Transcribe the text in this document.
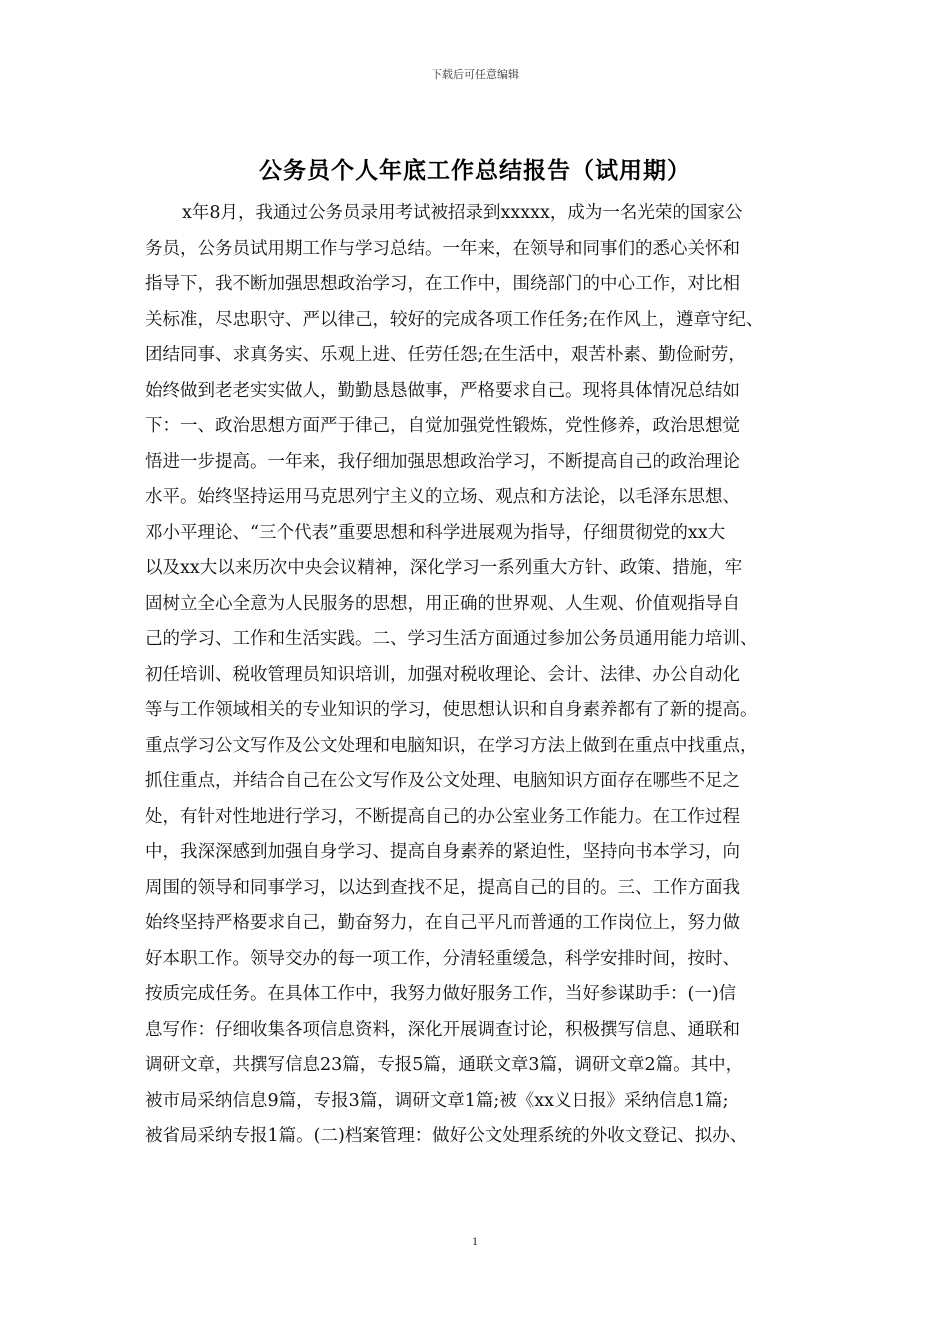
下载后可任意编辑
公务员个人年底工作总结报告（试用期）
x年8月，我通过公务员录用考试被招录到xxxxx，成为一名光荣的国家公
务员，公务员试用期工作与学习总结。一年来，在领导和同事们的悉心关怀和
指导下，我不断加强思想政治学习，在工作中，围绕部门的中心工作，对比相
关标准，尽忠职守、严以律己，较好的完成各项工作任务;在作风上，遵章守纪、
团结同事、求真务实、乐观上进、任劳任怨;在生活中，艰苦朴素、勤俭耐劳，
始终做到老老实实做人，勤勤恳恳做事，严格要求自己。现将具体情况总结如
下：一、政治思想方面严于律己，自觉加强党性锻炼，党性修养，政治思想觉
悟进一步提高。一年来，我仔细加强思想政治学习，不断提高自己的政治理论
水平。始终坚持运用马克思列宁主义的立场、观点和方法论，以毛泽东思想、
邓小平理论、“三个代表”重要思想和科学进展观为指导，仔细贯彻党的xx大
以及xx大以来历次中央会议精神，深化学习一系列重大方针、政策、措施，牢
固树立全心全意为人民服务的思想，用正确的世界观、人生观、价值观指导自
己的学习、工作和生活实践。二、学习生活方面通过参加公务员通用能力培训、
初任培训、税收管理员知识培训，加强对税收理论、会计、法律、办公自动化
等与工作领域相关的专业知识的学习，使思想认识和自身素养都有了新的提高。
重点学习公文写作及公文处理和电脑知识，在学习方法上做到在重点中找重点，
抓住重点，并结合自己在公文写作及公文处理、电脑知识方面存在哪些不足之
处，有针对性地进行学习，不断提高自己的办公室业务工作能力。在工作过程
中，我深深感到加强自身学习、提高自身素养的紧迫性，坚持向书本学习，向
周围的领导和同事学习，以达到查找不足，提高自己的目的。三、工作方面我
始终坚持严格要求自己，勤奋努力，在自己平凡而普通的工作岗位上，努力做
好本职工作。领导交办的每一项工作，分清轻重缓急，科学安排时间，按时、
按质完成任务。在具体工作中，我努力做好服务工作，当好参谋助手：(一)信
息写作：仔细收集各项信息资料，深化开展调查讨论，积极撰写信息、通联和
调研文章，共撰写信息23篇，专报5篇，通联文章3篇，调研文章2篇。其中，
被市局采纳信息9篇，专报3篇，调研文章1篇;被《xx义日报》采纳信息1篇;
被省局采纳专报1篇。(二)档案管理：做好公文处理系统的外收文登记、拟办、
1
